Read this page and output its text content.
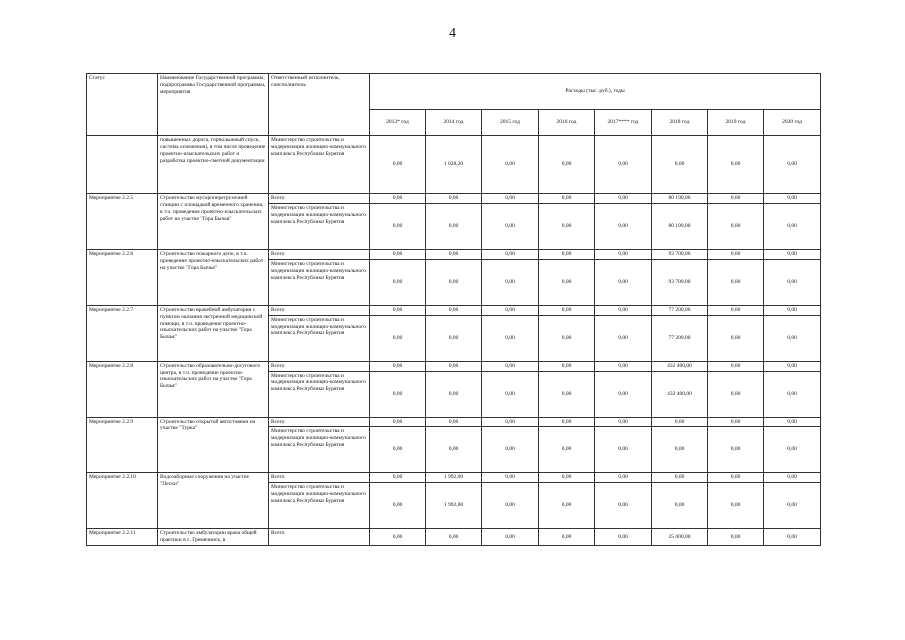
4
Статус	Наименование Государственной программы, подпрограммы Государственной программы, мероприятия	Ответственный исполнитель, соисполнитель	Расходы (тыс. руб.), годы							
			2013* год	2014 год	2015 год	2016 год	2017**** год	2018 год	2019 год	2020 год
	повышенных дорога, горнолыжный спуск, система оснежения), в том числе проведение проектно-изыскательских работ и разработка проектно-сметной документации	Министерство строительства и модернизации жилищно-коммунального комплекса Республики Бурятия	0,00	1 028,20	0,00	0,00	0,00	0,00	0,00	0,00
Мероприятие 2.2.5	Строительство мусороперегрузочной станции с площадкой временного хранения, в т.ч. проведение проектно-изыскательских работ на участке "Гора Бычья"	Всего	0,00	0,00	0,00	0,00	0,00	80 190,00	0,00	0,00
		Министерство строительства и модернизации жилищно-коммунального комплекса Республики Бурятия	0,00	0,00	0,00	0,00	0,00	80 190,00	0,00	0,00
Мероприятие 2.2.6	Строительство пожарного депо, в т.ч. проведение проектно-изыскательских работ на участке "Гора Бычья"	Всего	0,00	0,00	0,00	0,00	0,00	93 700,00	0,00	0,00
		Министерство строительства и модернизации жилищно-коммунального комплекса Республики Бурятия	0,00	0,00	0,00	0,00	0,00	93 700,00	0,00	0,00
Мероприятие 2.2.7	Строительство врачебной амбулатории с пунктом оказания экстренной медицинской помощи, в т.ч. проведение проектно-изыскательских работ на участке "Гора Бычья"	Всего	0,00	0,00	0,00	0,00	0,00	77 200,00	0,00	0,00
		Министерство строительства и модернизации жилищно-коммунального комплекса Республики Бурятия	0,00	0,00	0,00	0,00	0,00	77 200,00	0,00	0,00
Мероприятие 2.2.8	Строительство образовательно-досугового центра, в т.ч. проведение проектно-изыскательских работ на участке "Гора Бычья"	Всего	0,00	0,00	0,00	0,00	0,00	432 400,00	0,00	0,00
		Министерство строительства и модернизации жилищно-коммунального комплекса Республики Бурятия	0,00	0,00	0,00	0,00	0,00	432 400,00	0,00	0,00
Мероприятие 2.2.9	Строительство открытой автостоянки на участке "Турка"	Всего	0,00	0,00	0,00	0,00	0,00	0,00	0,00	0,00
		Министерство строительства и модернизации жилищно-коммунального комплекса Республики Бурятия	0,00	0,00	0,00	0,00	0,00	0,00	0,00	0,00
Мероприятие 2.2.10	Водозаборные сооружения на участке "Пески"	Всего	0,00	1 992,00	0,00	0,00	0,00	0,00	0,00	0,00
		Министерство строительства и модернизации жилищно-коммунального комплекса Республики Бурятия	0,00	1 992,00	0,00	0,00	0,00	0,00	0,00	0,00
Мероприятие 2.2.11	Строительство амбулатории врача общей практики в с. Гремячинск, в	Всего	0,00	0,00	0,00	0,00	0,00	25 000,00	0,00	0,00
